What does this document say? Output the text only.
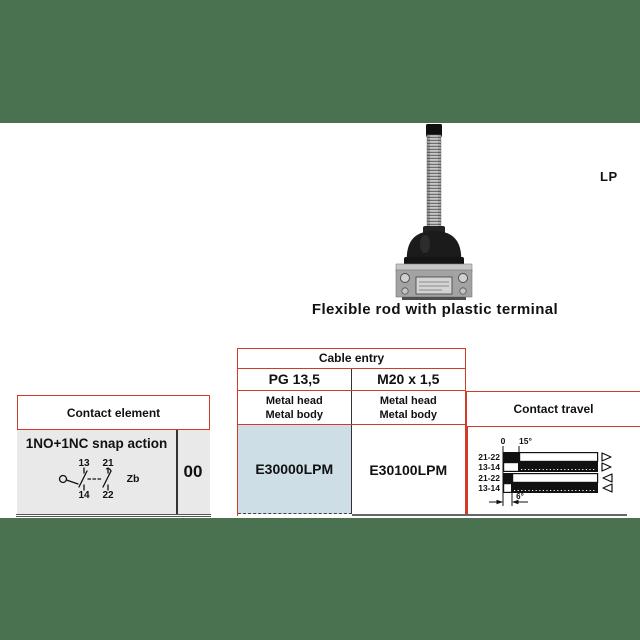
LP
Flexible rod with plastic terminal
Contact element
1NO+1NC snap action
00
13 21
14 22
Zb
Cable entry
PG 13,5	M20 x 1,5
Metal head
Metal body
Metal head
Metal body
E30000LPM	E30100LPM
Contact travel
0 15°
21-22
13-14
21-22
13-14
6°
